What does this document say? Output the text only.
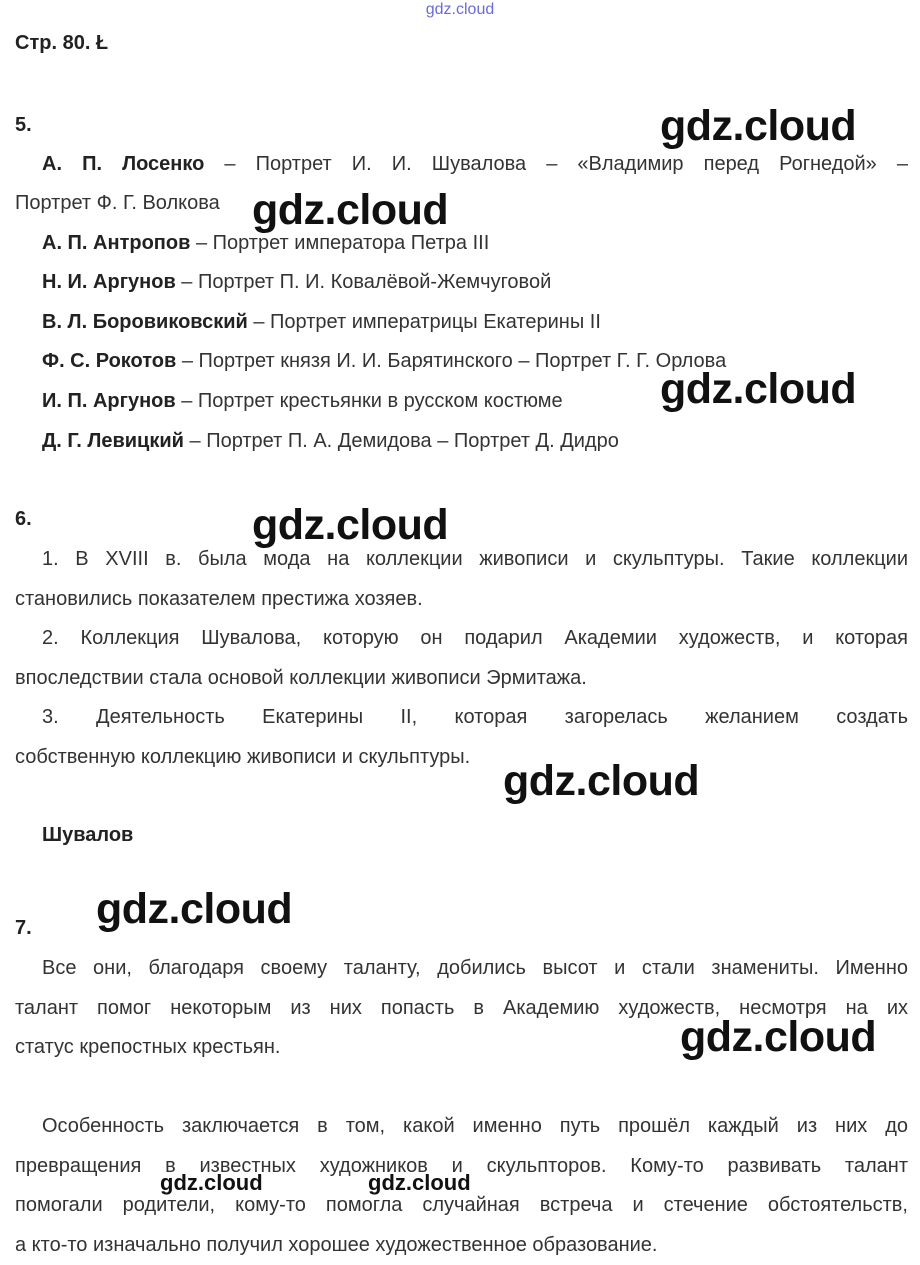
gdz.cloud
Стр. 80. Ł
5.
А. П. Лосенко – Портрет И. И. Шувалова – «Владимир перед Рогнедой» –
Портрет Ф. Г. Волкова
А. П. Антропов – Портрет императора Петра III
Н. И. Аргунов – Портрет П. И. Ковалёвой-Жемчуговой
В. Л. Боровиковский – Портрет императрицы Екатерины II
Ф. С. Рокотов – Портрет князя И. И. Барятинского – Портрет Г. Г. Орлова
И. П. Аргунов – Портрет крестьянки в русском костюме
Д. Г. Левицкий – Портрет П. А. Демидова – Портрет Д. Дидро
6.
1. В XVIII в. была мода на коллекции живописи и скульптуры. Такие коллекции
становились показателем престижа хозяев.
2. Коллекция Шувалова, которую он подарил Академии художеств, и которая
впоследствии стала основой коллекции живописи Эрмитажа.
3. Деятельность Екатерины II, которая загорелась желанием создать
собственную коллекцию живописи и скульптуры.
Шувалов
7.
Все они, благодаря своему таланту, добились высот и стали знамениты. Именно
талант помог некоторым из них попасть в Академию художеств, несмотря на их
статус крепостных крестьян.
Особенность заключается в том, какой именно путь прошёл каждый из них до
превращения в известных художников и скульпторов. Кому-то развивать талант
помогали родители, кому-то помогла случайная встреча и стечение обстоятельств,
а кто-то изначально получил хорошее художественное образование.
gdz.cloud
gdz.cloud
gdz.cloud
gdz.cloud
gdz.cloud
gdz.cloud
gdz.cloud
gdz.cloud	gdz.cloud
